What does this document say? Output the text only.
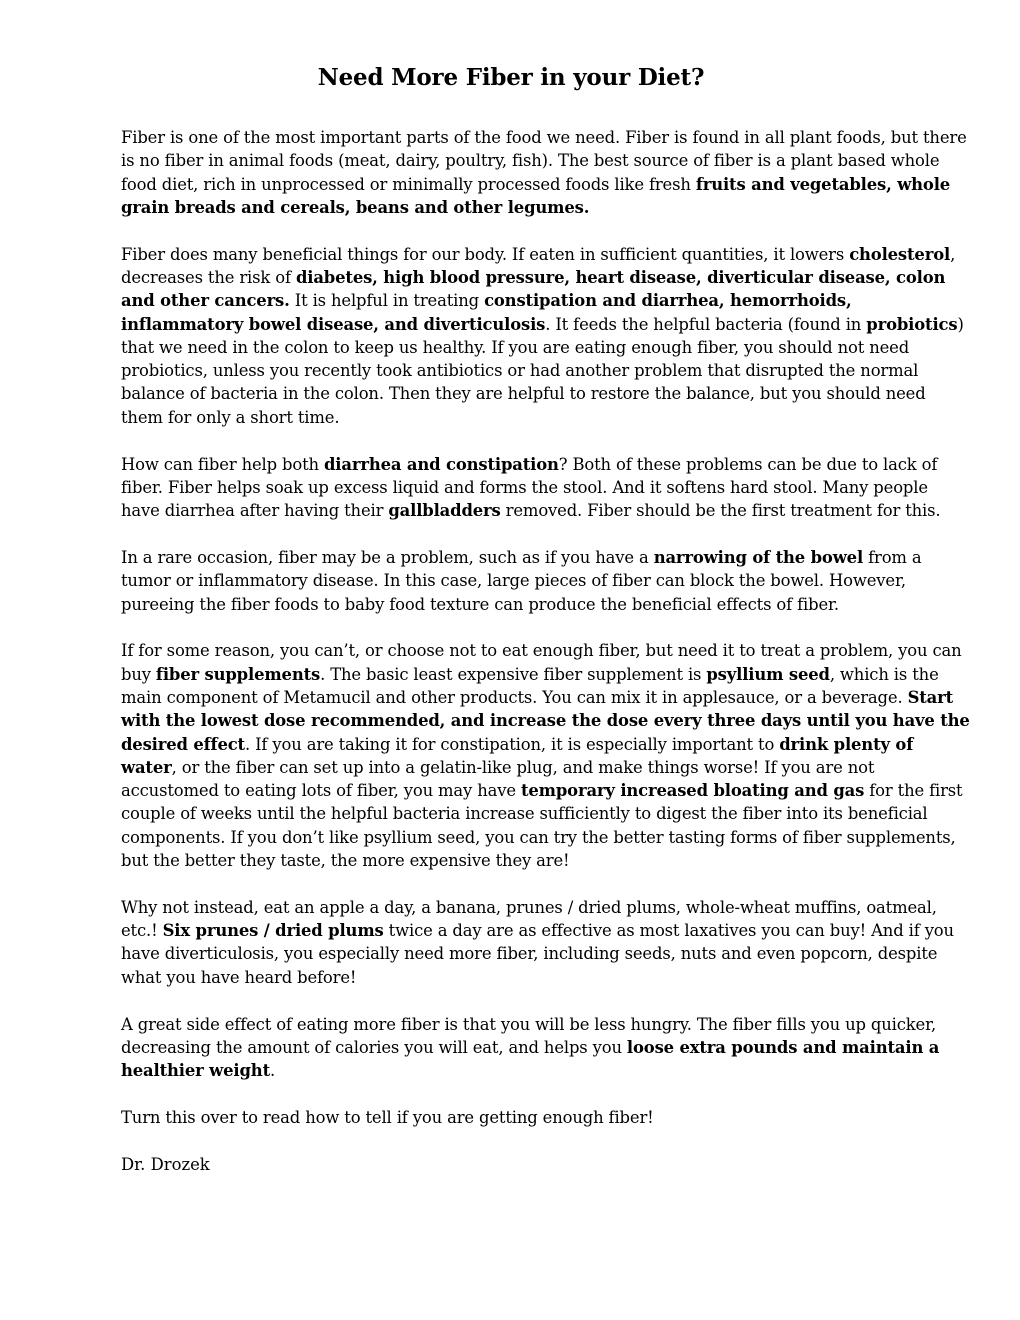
Need More Fiber in your Diet?

Fiber is one of the most important parts of the food we need. Fiber is found in all plant foods, but there is no fiber in animal foods (meat, dairy, poultry, fish). The best source of fiber is a plant based whole food diet, rich in unprocessed or minimally processed foods like fresh fruits and vegetables, whole grain breads and cereals, beans and other legumes.

Fiber does many beneficial things for our body. If eaten in sufficient quantities, it lowers cholesterol, decreases the risk of diabetes, high blood pressure, heart disease, diverticular disease, colon and other cancers. It is helpful in treating constipation and diarrhea, hemorrhoids, inflammatory bowel disease, and diverticulosis. It feeds the helpful bacteria (found in probiotics) that we need in the colon to keep us healthy. If you are eating enough fiber, you should not need probiotics, unless you recently took antibiotics or had another problem that disrupted the normal balance of bacteria in the colon. Then they are helpful to restore the balance, but you should need them for only a short time.

How can fiber help both diarrhea and constipation? Both of these problems can be due to lack of fiber. Fiber helps soak up excess liquid and forms the stool. And it softens hard stool. Many people have diarrhea after having their gallbladders removed. Fiber should be the first treatment for this.

In a rare occasion, fiber may be a problem, such as if you have a narrowing of the bowel from a tumor or inflammatory disease. In this case, large pieces of fiber can block the bowel. However, pureeing the fiber foods to baby food texture can produce the beneficial effects of fiber.

If for some reason, you can’t, or choose not to eat enough fiber, but need it to treat a problem, you can buy fiber supplements. The basic least expensive fiber supplement is psyllium seed, which is the main component of Metamucil and other products. You can mix it in applesauce, or a beverage. Start with the lowest dose recommended, and increase the dose every three days until you have the desired effect. If you are taking it for constipation, it is especially important to drink plenty of water, or the fiber can set up into a gelatin-like plug, and make things worse! If you are not accustomed to eating lots of fiber, you may have temporary increased bloating and gas for the first couple of weeks until the helpful bacteria increase sufficiently to digest the fiber into its beneficial components. If you don’t like psyllium seed, you can try the better tasting forms of fiber supplements, but the better they taste, the more expensive they are!

Why not instead, eat an apple a day, a banana, prunes / dried plums, whole-wheat muffins, oatmeal, etc.! Six prunes / dried plums twice a day are as effective as most laxatives you can buy! And if you have diverticulosis, you especially need more fiber, including seeds, nuts and even popcorn, despite what you have heard before!

A great side effect of eating more fiber is that you will be less hungry. The fiber fills you up quicker, decreasing the amount of calories you will eat, and helps you loose extra pounds and maintain a healthier weight.

Turn this over to read how to tell if you are getting enough fiber!

Dr. Drozek
